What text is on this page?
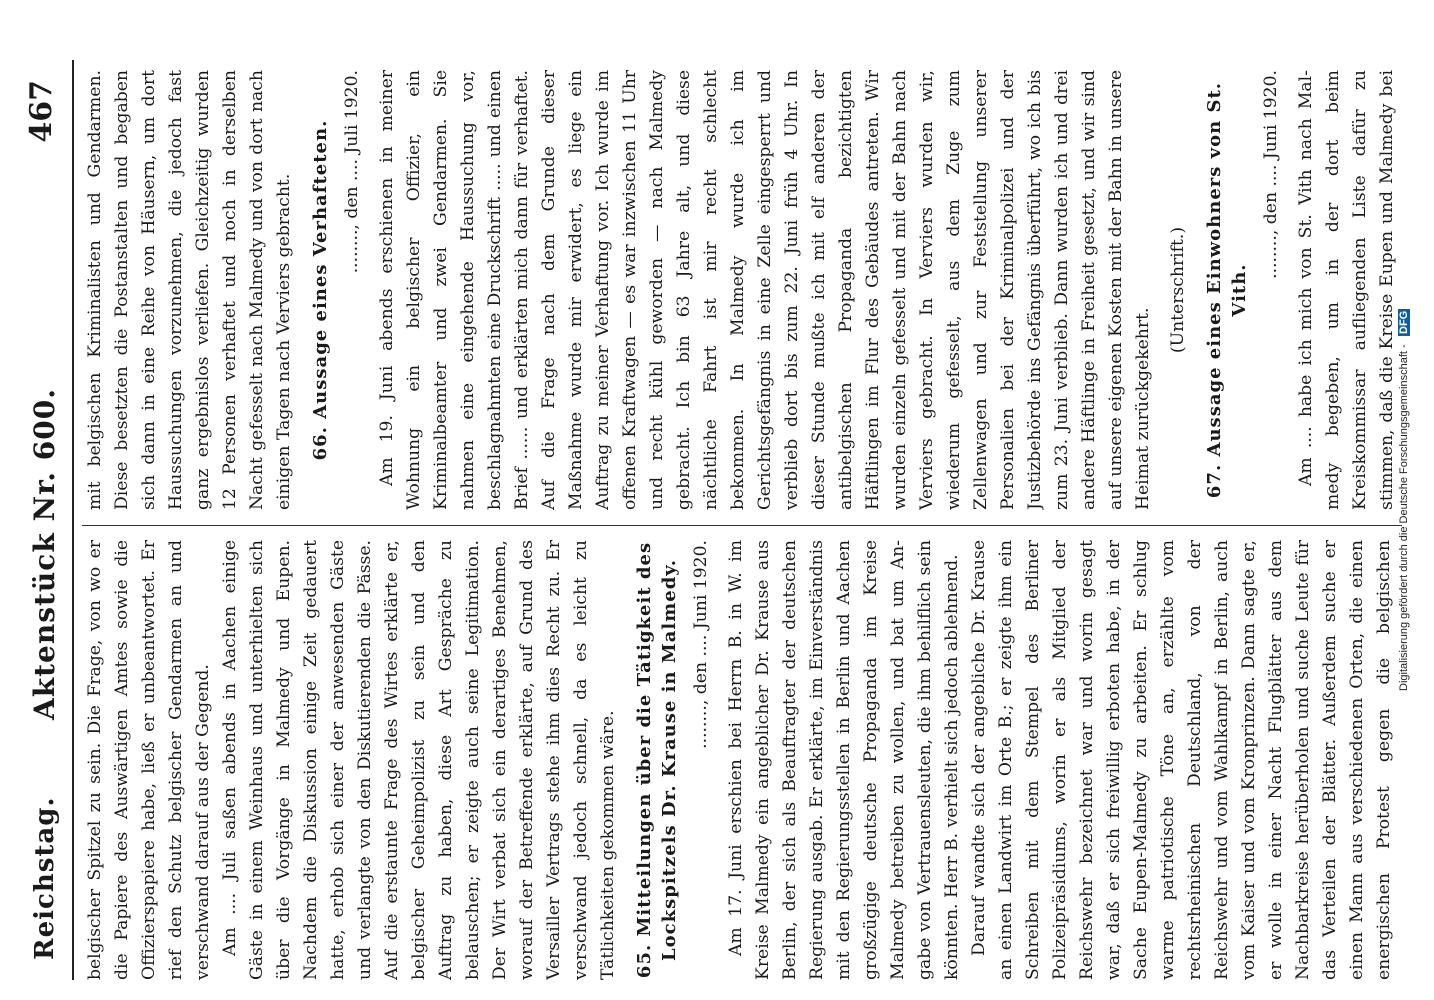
Reichstag.
Aktenstück Nr. 600.
467

belgischer Spitzel zu sein. Die Frage, von wo er die Papiere des Auswärtigen Amtes sowie die Offizierspapiere habe, ließ er unbeantwortet. Er rief den Schutz belgischer Gendarmen an und verschwand darauf aus der Gegend. Am .... Juli saßen abends in Aachen einige Gäste in einem Weinhaus und unterhielten sich über die Vorgänge in Malmedy und Eupen. Nachdem die Diskussion einige Zeit gedauert hatte, erhob sich einer der anwesenden Gäste und verlangte von den Diskutierenden die Pässe. Auf die erstaunte Frage des Wirtes erklärte er, belgischer Geheimpolizist zu sein und den Auftrag zu haben, diese Art Gespräche zu belauschen; er zeigte auch seine Legitimation. Der Wirt verbat sich ein derartiges Benehmen, worauf der Betreffende erklärte, auf Grund des Versailler Vertrags stehe ihm dies Recht zu. Er verschwand jedoch schnell, da es leicht zu Tätlichkeiten gekommen wäre. 65. Mitteilungen über die Tätigkeit des Lockspitzels Dr. Krause in Malmedy. ........, den .... Juni 1920. Am 17. Juni erschien bei Herrn B. in W. im Kreise Malmedy ein angeblicher Dr. Krause aus Berlin, der sich als Beauftragter der deutschen Regierung ausgab. Er erklärte, im Einverständnis mit den Regierungsstellen in Berlin und Aachen großzügige deutsche Propaganda im Kreise Malmedy betreiben zu wollen, und bat um Angabe von Vertrauensleuten, die ihm behilflich sein könnten. Herr B. verhielt sich jedoch ablehnend. Darauf wandte sich der angebliche Dr. Krause an einen Landwirt im Orte B.; er zeigte ihm ein Schreiben mit dem Stempel des Berliner Polizeipräsidiums, worin er als Mitglied der Reichswehr bezeichnet war und worin gesagt war, daß er sich freiwillig erboten habe, in der Sache Eupen-Malmedy zu arbeiten. Er schlug warme patriotische Töne an, erzählte vom rechtsrheinischen Deutschland, von der Reichswehr und vom Wahlkampf in Berlin, auch vom Kaiser und vom Kronprinzen. Dann sagte er, er wolle in einer Nacht Flugblätter aus dem Nachbarkreise herüberholen und suche Leute für das Verteilen der Blätter. Außerdem suche er einen Mann aus verschiedenen Orten, die einen energischen Protest gegen die belgischen

mit belgischen Kriminalisten und Gendarmen. Diese besetzten die Postanstalten und begaben sich dann in eine Reihe von Häusern, um dort Haussuchungen vorzunehmen, die jedoch fast ganz ergebnislos verliefen. Gleichzeitig wurden 12 Personen verhaftet und noch in derselben Nacht gefesselt nach Malmedy und von dort nach einigen Tagen nach Verviers gebracht. 66. Aussage eines Verhafteten. ........, den .... Juli 1920. Am 19. Juni abends erschienen in meiner Wohnung ein belgischer Offizier, ein Kriminalbeamter und zwei Gendarmen. Sie nahmen eine eingehende Haussuchung vor, beschlagnahmten eine Druckschrift ..... und einen Brief ...... und erklärten mich dann für verhaftet. Auf die Frage nach dem Grunde dieser Maßnahme wurde mir erwidert, es liege ein Auftrag zu meiner Verhaftung vor. Ich wurde im offenen Kraftwagen — es war inzwischen 11 Uhr und recht kühl geworden — nach Malmedy gebracht. Ich bin 63 Jahre alt, und diese nächtliche Fahrt ist mir recht schlecht bekommen. In Malmedy wurde ich im Gerichtsgefängnis in eine Zelle eingesperrt und verblieb dort bis zum 22. Juni früh 4 Uhr. In dieser Stunde mußte ich mit elf anderen der antibelgischen Propaganda bezichtigten Häftlingen im Flur des Gebäudes antreten. Wir wurden einzeln gefesselt und mit der Bahn nach Verviers gebracht. In Verviers wurden wir, wiederum gefesselt, aus dem Zuge zum Zellenwagen und zur Feststellung unserer Personalien bei der Kriminalpolizei und der Justizbehörde ins Gefängnis überführt, wo ich bis zum 23. Juni verblieb. Dann wurden ich und drei andere Häftlinge in Freiheit gesetzt, und wir sind auf unsere eigenen Kosten mit der Bahn in unsere Heimat zurückgekehrt.

(Unterschrift.) 67. Aussage eines Einwohners von St. Vith.

........, den .... Juni 1920.

Am .... habe ich mich von St. Vith nach Malmedy begeben, um in der dort beim Kreiskommissar aufliegenden Liste dafür zu stimmen, daß die Kreise Eupen und Malmedy bei

Digitalisierung gefördert durch die Deutsche Forschungsgemeinschaft - DFG
